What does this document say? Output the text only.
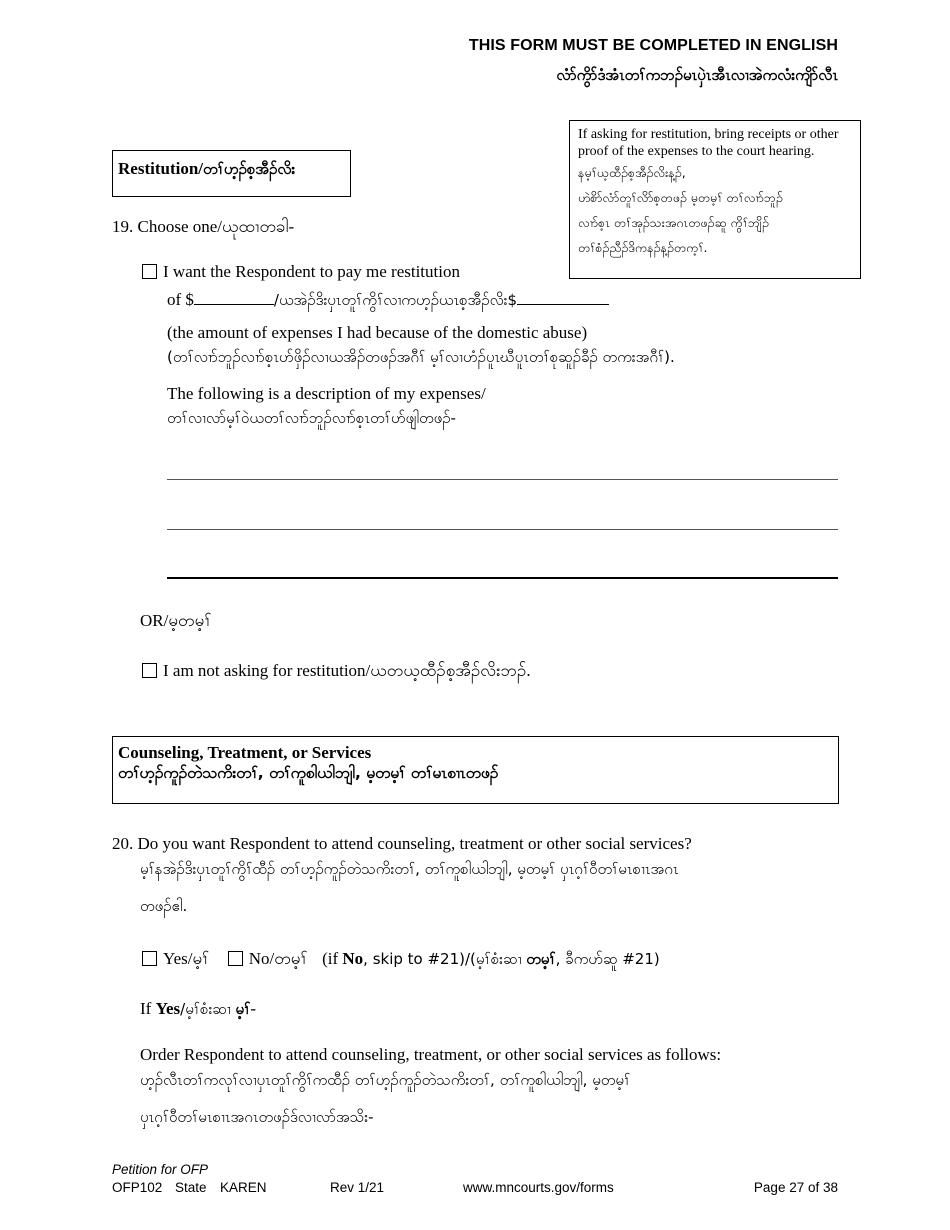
THIS FORM MUST BE COMPLETED IN ENGLISH
လံာ်ကွိာ်ဒံအံၤတၢ်ကဘၣ်မၤပှဲၤအီၤလၢအဲကလံးကျိာ်လီၤ
If asking for restitution, bring receipts or other proof of the expenses to the court hearing.
နမ့ၢ်ယ့ထီၣ်စ့အီၣ်လိးန့ၣ်,
ဟဲစိာ်လံာ်တူၢ်လိာ်စ့တဖၣ် မ့တမ့ၢ် တၢ်လၢာ်ဘူၣ်
လၢာ်စ့ၤ တၢ်အုၣ်သးအဂၤတဖၣ်ဆူ ကွိၢ်ဘျိၣ်
တၢ်စံၣ်ညီၣ်ဒိကနၣ်န့ၣ်တက့ၢ်.
Restitution/တၢ်ဟ့ၣ်စ့အီၣ်လိး
19. Choose one/ယုထၢတခါ-
I want the Respondent to pay me restitution
of $	/ယအဲၣ်ဒိးပှၤတူၢ်ကွိၢ်လၢကဟ့ၣ်ယၤစ့အီၣ်လိး$
(the amount of expenses I had because of the domestic abuse)
(တၢ်လၢာ်ဘူၣ်လၢာ်စ့ၤဟ်ဖှိၣ်လၢယအိၣ်တဖၣ်အဂီၢ် မ့ၢ်လၢဟံၣ်ပူၤဃီပူၤတၢ်စုဆူၣ်ခီၣ် တကးအဂီၢ်).
The following is a description of my expenses/
တၢ်လၢလာ်မ့ၢ်ဝဲယတၢ်လၢာ်ဘူၣ်လၢာ်စ့ၤတၢ်ဟ်ဖျါတဖၣ်-
OR/မ့တမ့ၢ်
I am not asking for restitution/ယတယ့ထီၣ်စ့အီၣ်လိးဘၣ်.
Counseling, Treatment, or Services
တၢ်ဟ့ၣ်ကူၣ်တဲသကိးတၢ်, တၢ်ကူစါယါဘျါ, မ့တမ့ၢ် တၢ်မၤစၢၤတဖၣ်
20. Do you want Respondent to attend counseling, treatment or other social services?
မ့ၢ်နအဲၣ်ဒိးပှၤတူၢ်ကွိၢ်ထီၣ် တၢ်ဟ့ၣ်ကူၣ်တဲသကိးတၢ်, တၢ်ကူစါယါဘျါ, မ့တမ့ၢ် ပှၤဂ့ၢ်ဝီတၢ်မၤစၢၤအဂၤ
တဖၣ်ဧါ.
Yes/မ့ၢ် No/တမ့ၢ် (if No, skip to #21)/(မ့ၢ်စံးဆၢ တမ့ၢ်, ခီကဟ်ဆူ #21)
If Yes/မ့ၢ်စံးဆၢ မ့ၢ်-
Order Respondent to attend counseling, treatment, or other social services as follows:
ဟ့ၣ်လီၤတၢ်ကလုၢ်လၢပှၤတူၢ်ကွိၢ်ကထီၣ် တၢ်ဟ့ၣ်ကူၣ်တဲသကိးတၢ်, တၢ်ကူစါယါဘျါ, မ့တမ့ၢ်
ပှၤဂ့ၢ်ဝီတၢ်မၤစၢၤအဂၤတဖၣ်ဒ်လၢလာ်အသိး-
Petition for OFP
OFP102 State KAREN	Rev 1/21	www.mncourts.gov/forms	Page 27 of 38
